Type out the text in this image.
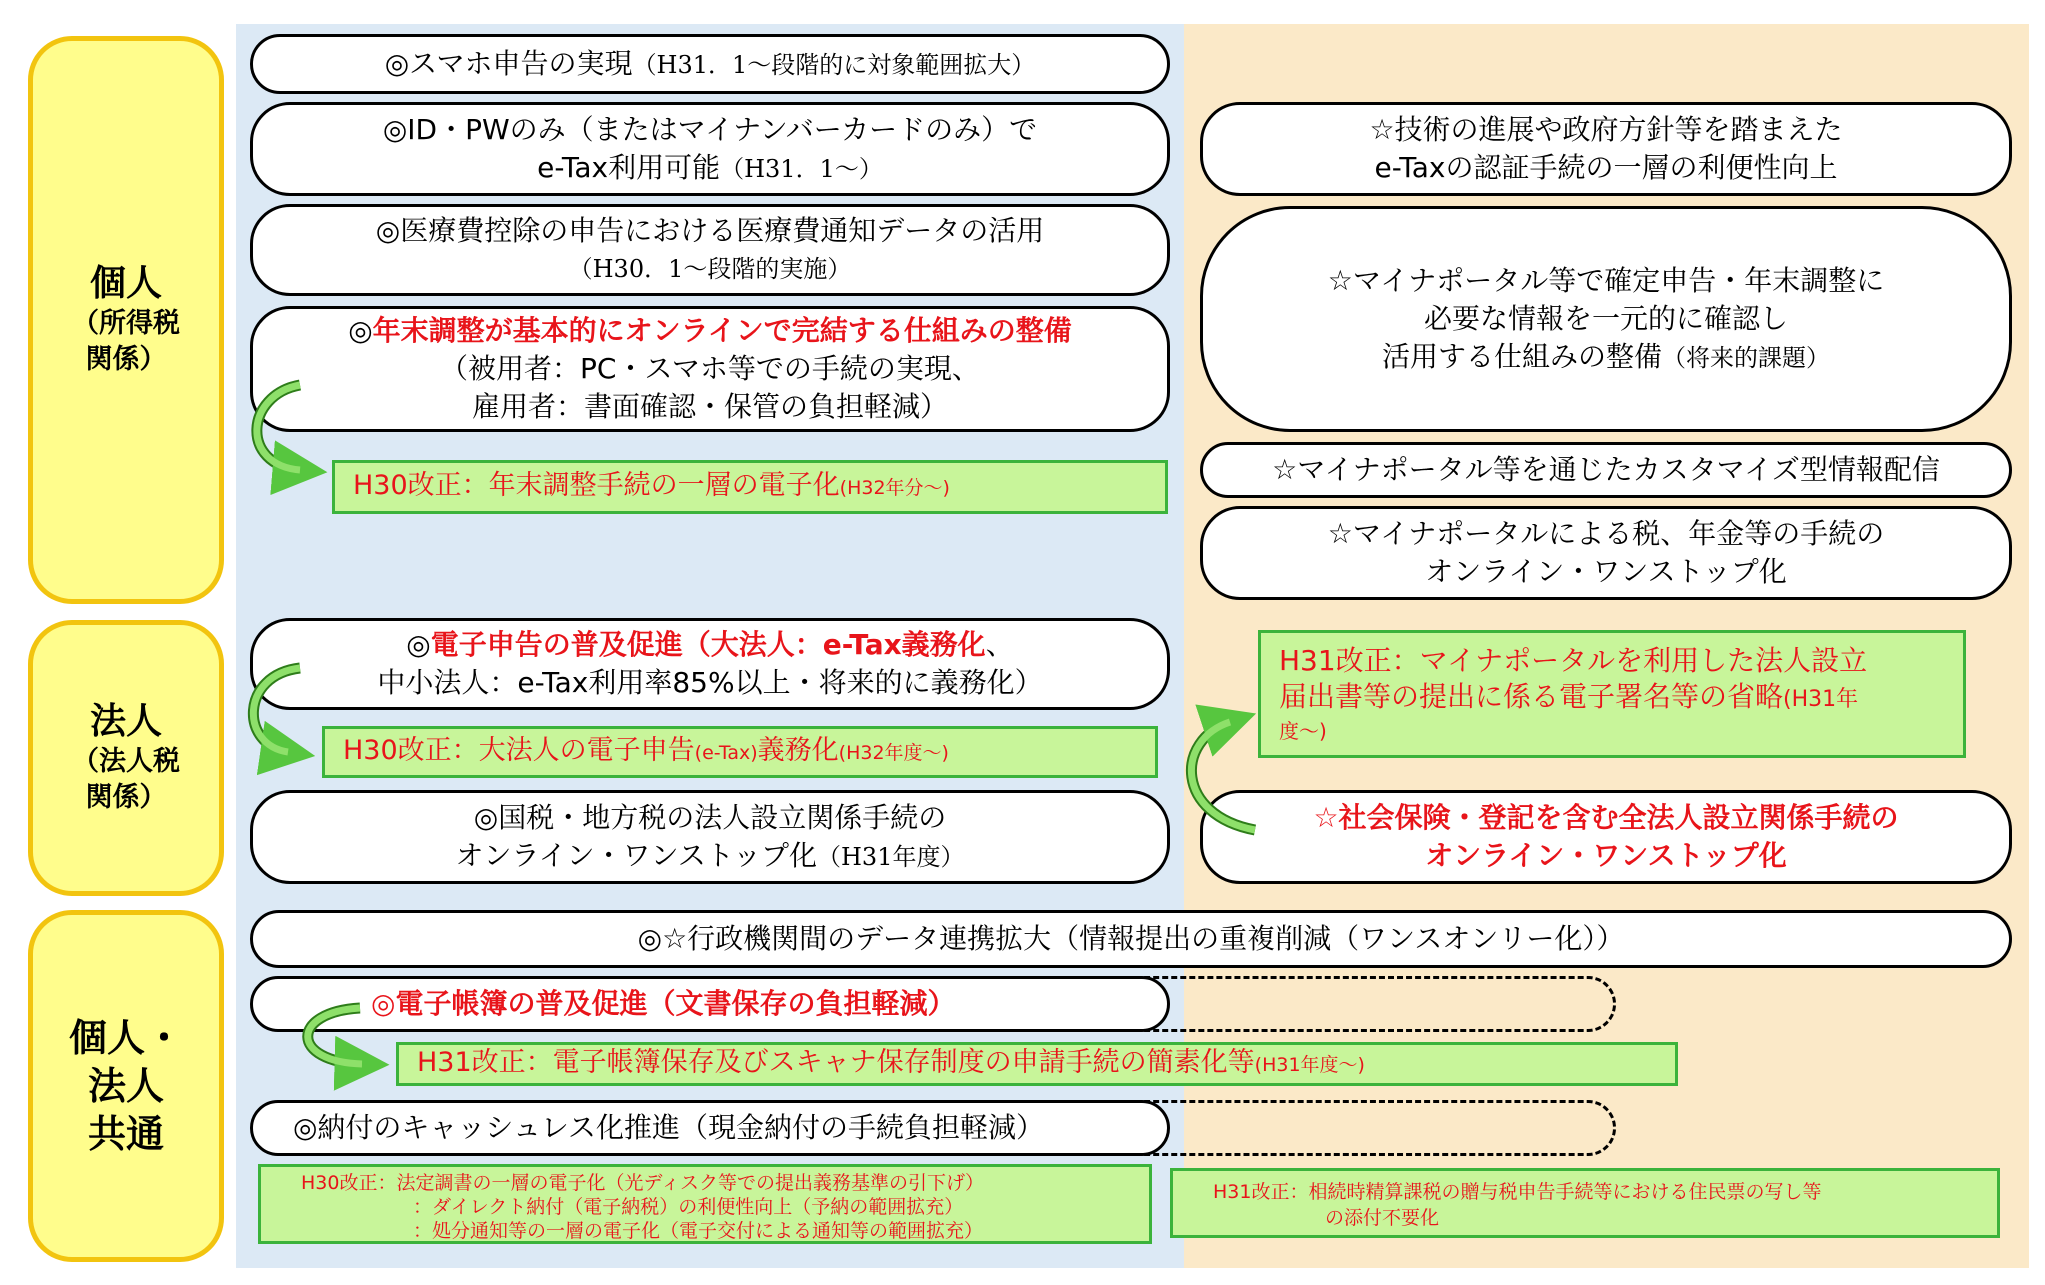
個人
（所得税
関係）
法人
（法人税
関係）
個人・
法人
共通
◎スマホ申告の実現（H31．1～段階的に対象範囲拡大）
◎ID・PWのみ（またはマイナンバーカードのみ）で
e-Tax利用可能（H31．1～）
◎医療費控除の申告における医療費通知データの活用
（H30．1～段階的実施）
◎年末調整が基本的にオンラインで完結する仕組みの整備
（被用者：PC・スマホ等での手続の実現、
雇用者：書面確認・保管の負担軽減）
H30改正：年末調整手続の一層の電子化(H32年分～)
◎電子申告の普及促進（大法人：e-Tax義務化、
中小法人：e-Tax利用率85%以上・将来的に義務化）
H30改正：大法人の電子申告(e-Tax)義務化(H32年度～)
◎国税・地方税の法人設立関係手続の
オンライン・ワンストップ化（H31年度）
☆技術の進展や政府方針等を踏まえた
e-Taxの認証手続の一層の利便性向上
☆マイナポータル等で確定申告・年末調整に
必要な情報を一元的に確認し
活用する仕組みの整備（将来的課題）
☆マイナポータル等を通じたカスタマイズ型情報配信
☆マイナポータルによる税、年金等の手続の
オンライン・ワンストップ化
H31改正：マイナポータルを利用した法人設立
届出書等の提出に係る電子署名等の省略(H31年
度～)
☆社会保険・登記を含む全法人設立関係手続の
オンライン・ワンストップ化
◎☆行政機関間のデータ連携拡大（情報提出の重複削減（ワンスオンリー化））
◎電子帳簿の普及促進（文書保存の負担軽減）
H31改正：電子帳簿保存及びスキャナ保存制度の申請手続の簡素化等(H31年度～)
◎納付のキャッシュレス化推進（現金納付の手続負担軽減）
H30改正：法定調書の一層の電子化（光ディスク等での提出義務基準の引下げ）
：ダイレクト納付（電子納税）の利便性向上（予納の範囲拡充）
：処分通知等の一層の電子化（電子交付による通知等の範囲拡充）
H31改正：相続時精算課税の贈与税申告手続等における住民票の写し等
の添付不要化
